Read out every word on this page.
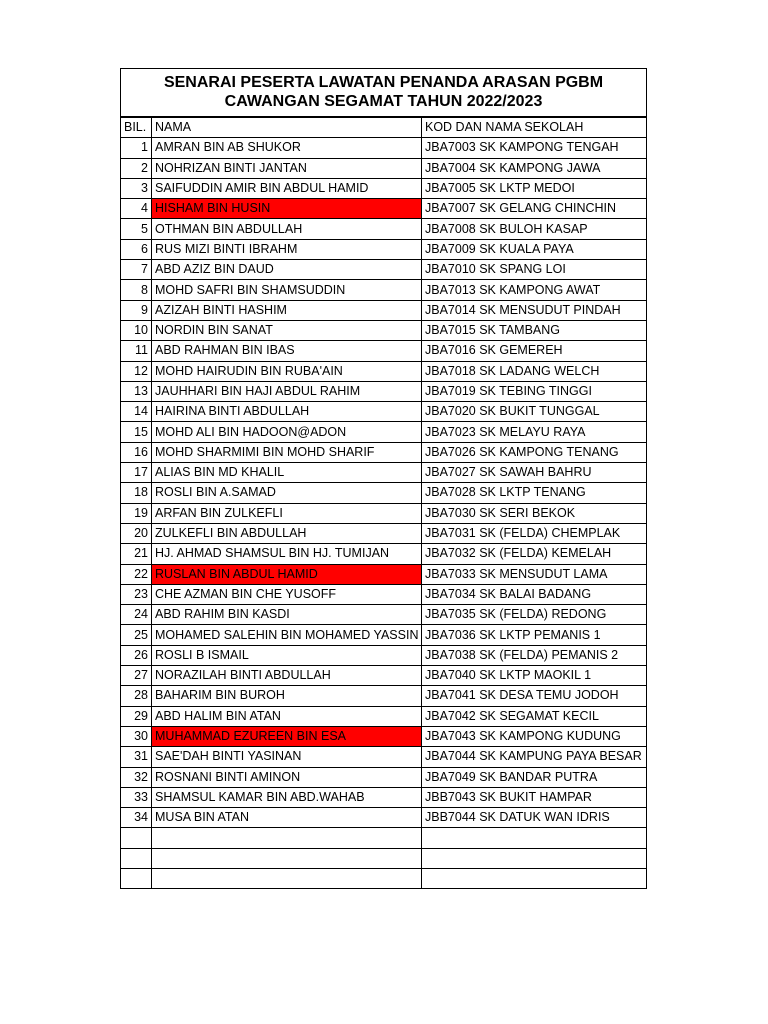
SENARAI PESERTA LAWATAN PENANDA ARASAN PGBM
CAWANGAN SEGAMAT TAHUN 2022/2023
BIL.	NAMA	KOD DAN NAMA SEKOLAH
1	AMRAN BIN AB SHUKOR	JBA7003 SK KAMPONG TENGAH
2	NOHRIZAN BINTI JANTAN	JBA7004 SK KAMPONG JAWA
3	SAIFUDDIN AMIR BIN ABDUL HAMID	JBA7005 SK LKTP MEDOI
4	HISHAM BIN HUSIN	JBA7007 SK GELANG CHINCHIN
5	OTHMAN BIN ABDULLAH	JBA7008 SK BULOH KASAP
6	RUS MIZI BINTI IBRAHM	JBA7009 SK KUALA PAYA
7	ABD AZIZ BIN DAUD	JBA7010 SK SPANG LOI
8	MOHD SAFRI BIN SHAMSUDDIN	JBA7013 SK KAMPONG AWAT
9	AZIZAH BINTI HASHIM	JBA7014 SK MENSUDUT PINDAH
10	NORDIN BIN SANAT	JBA7015 SK TAMBANG
11	ABD RAHMAN BIN IBAS	JBA7016 SK GEMEREH
12	MOHD HAIRUDIN BIN RUBA'AIN	JBA7018 SK LADANG WELCH
13	JAUHHARI BIN HAJI ABDUL RAHIM	JBA7019 SK TEBING TINGGI
14	HAIRINA BINTI ABDULLAH	JBA7020 SK BUKIT TUNGGAL
15	MOHD ALI BIN HADOON@ADON	JBA7023 SK MELAYU RAYA
16	MOHD SHARMIMI BIN MOHD SHARIF	JBA7026 SK KAMPONG TENANG
17	ALIAS BIN MD KHALIL	JBA7027 SK SAWAH BAHRU
18	ROSLI BIN A.SAMAD	JBA7028 SK LKTP TENANG
19	ARFAN BIN ZULKEFLI	JBA7030 SK SERI BEKOK
20	ZULKEFLI BIN ABDULLAH	JBA7031 SK (FELDA) CHEMPLAK
21	HJ. AHMAD SHAMSUL BIN HJ. TUMIJAN	JBA7032 SK (FELDA) KEMELAH
22	RUSLAN BIN ABDUL HAMID	JBA7033 SK MENSUDUT LAMA
23	CHE AZMAN BIN CHE YUSOFF	JBA7034 SK BALAI BADANG
24	ABD RAHIM BIN KASDI	JBA7035 SK (FELDA) REDONG
25	MOHAMED SALEHIN BIN MOHAMED YASSIN	JBA7036 SK LKTP PEMANIS 1
26	ROSLI B ISMAIL	JBA7038 SK (FELDA) PEMANIS 2
27	NORAZILAH BINTI ABDULLAH	JBA7040 SK LKTP MAOKIL 1
28	BAHARIM BIN BUROH	JBA7041 SK DESA TEMU JODOH
29	ABD HALIM BIN ATAN	JBA7042 SK SEGAMAT KECIL
30	MUHAMMAD EZUREEN BIN ESA	JBA7043 SK KAMPONG KUDUNG
31	SAE'DAH BINTI YASINAN	JBA7044 SK KAMPUNG PAYA BESAR
32	ROSNANI BINTI AMINON	JBA7049 SK BANDAR PUTRA
33	SHAMSUL KAMAR BIN ABD.WAHAB	JBB7043 SK BUKIT HAMPAR
34	MUSA BIN ATAN	JBB7044 SK DATUK WAN IDRIS
